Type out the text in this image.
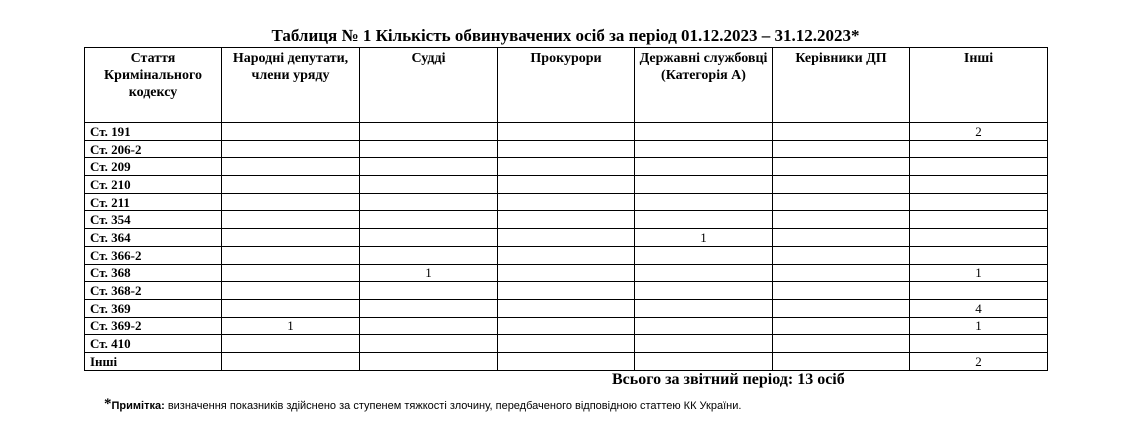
Таблиця № 1 Кількість обвинувачених осіб за період 01.12.2023 – 31.12.2023*
Стаття Кримінального кодексу	Народні депутати, члени уряду	Судді	Прокурори	Державні службовці (Категорія А)	Керівники ДП	Інші
Ст. 191						2
Ст. 206-2						
Ст. 209						
Ст. 210						
Ст. 211						
Ст. 354						
Ст. 364				1		
Ст. 366-2						
Ст. 368		1				1
Ст. 368-2						
Ст. 369						4
Ст. 369-2	1					1
Ст. 410						
Інші						2
Всього за звітний період: 13 осіб
*Примітка: визначення показників здійснено за ступенем тяжкості злочину, передбаченого відповідною статтею КК України.
